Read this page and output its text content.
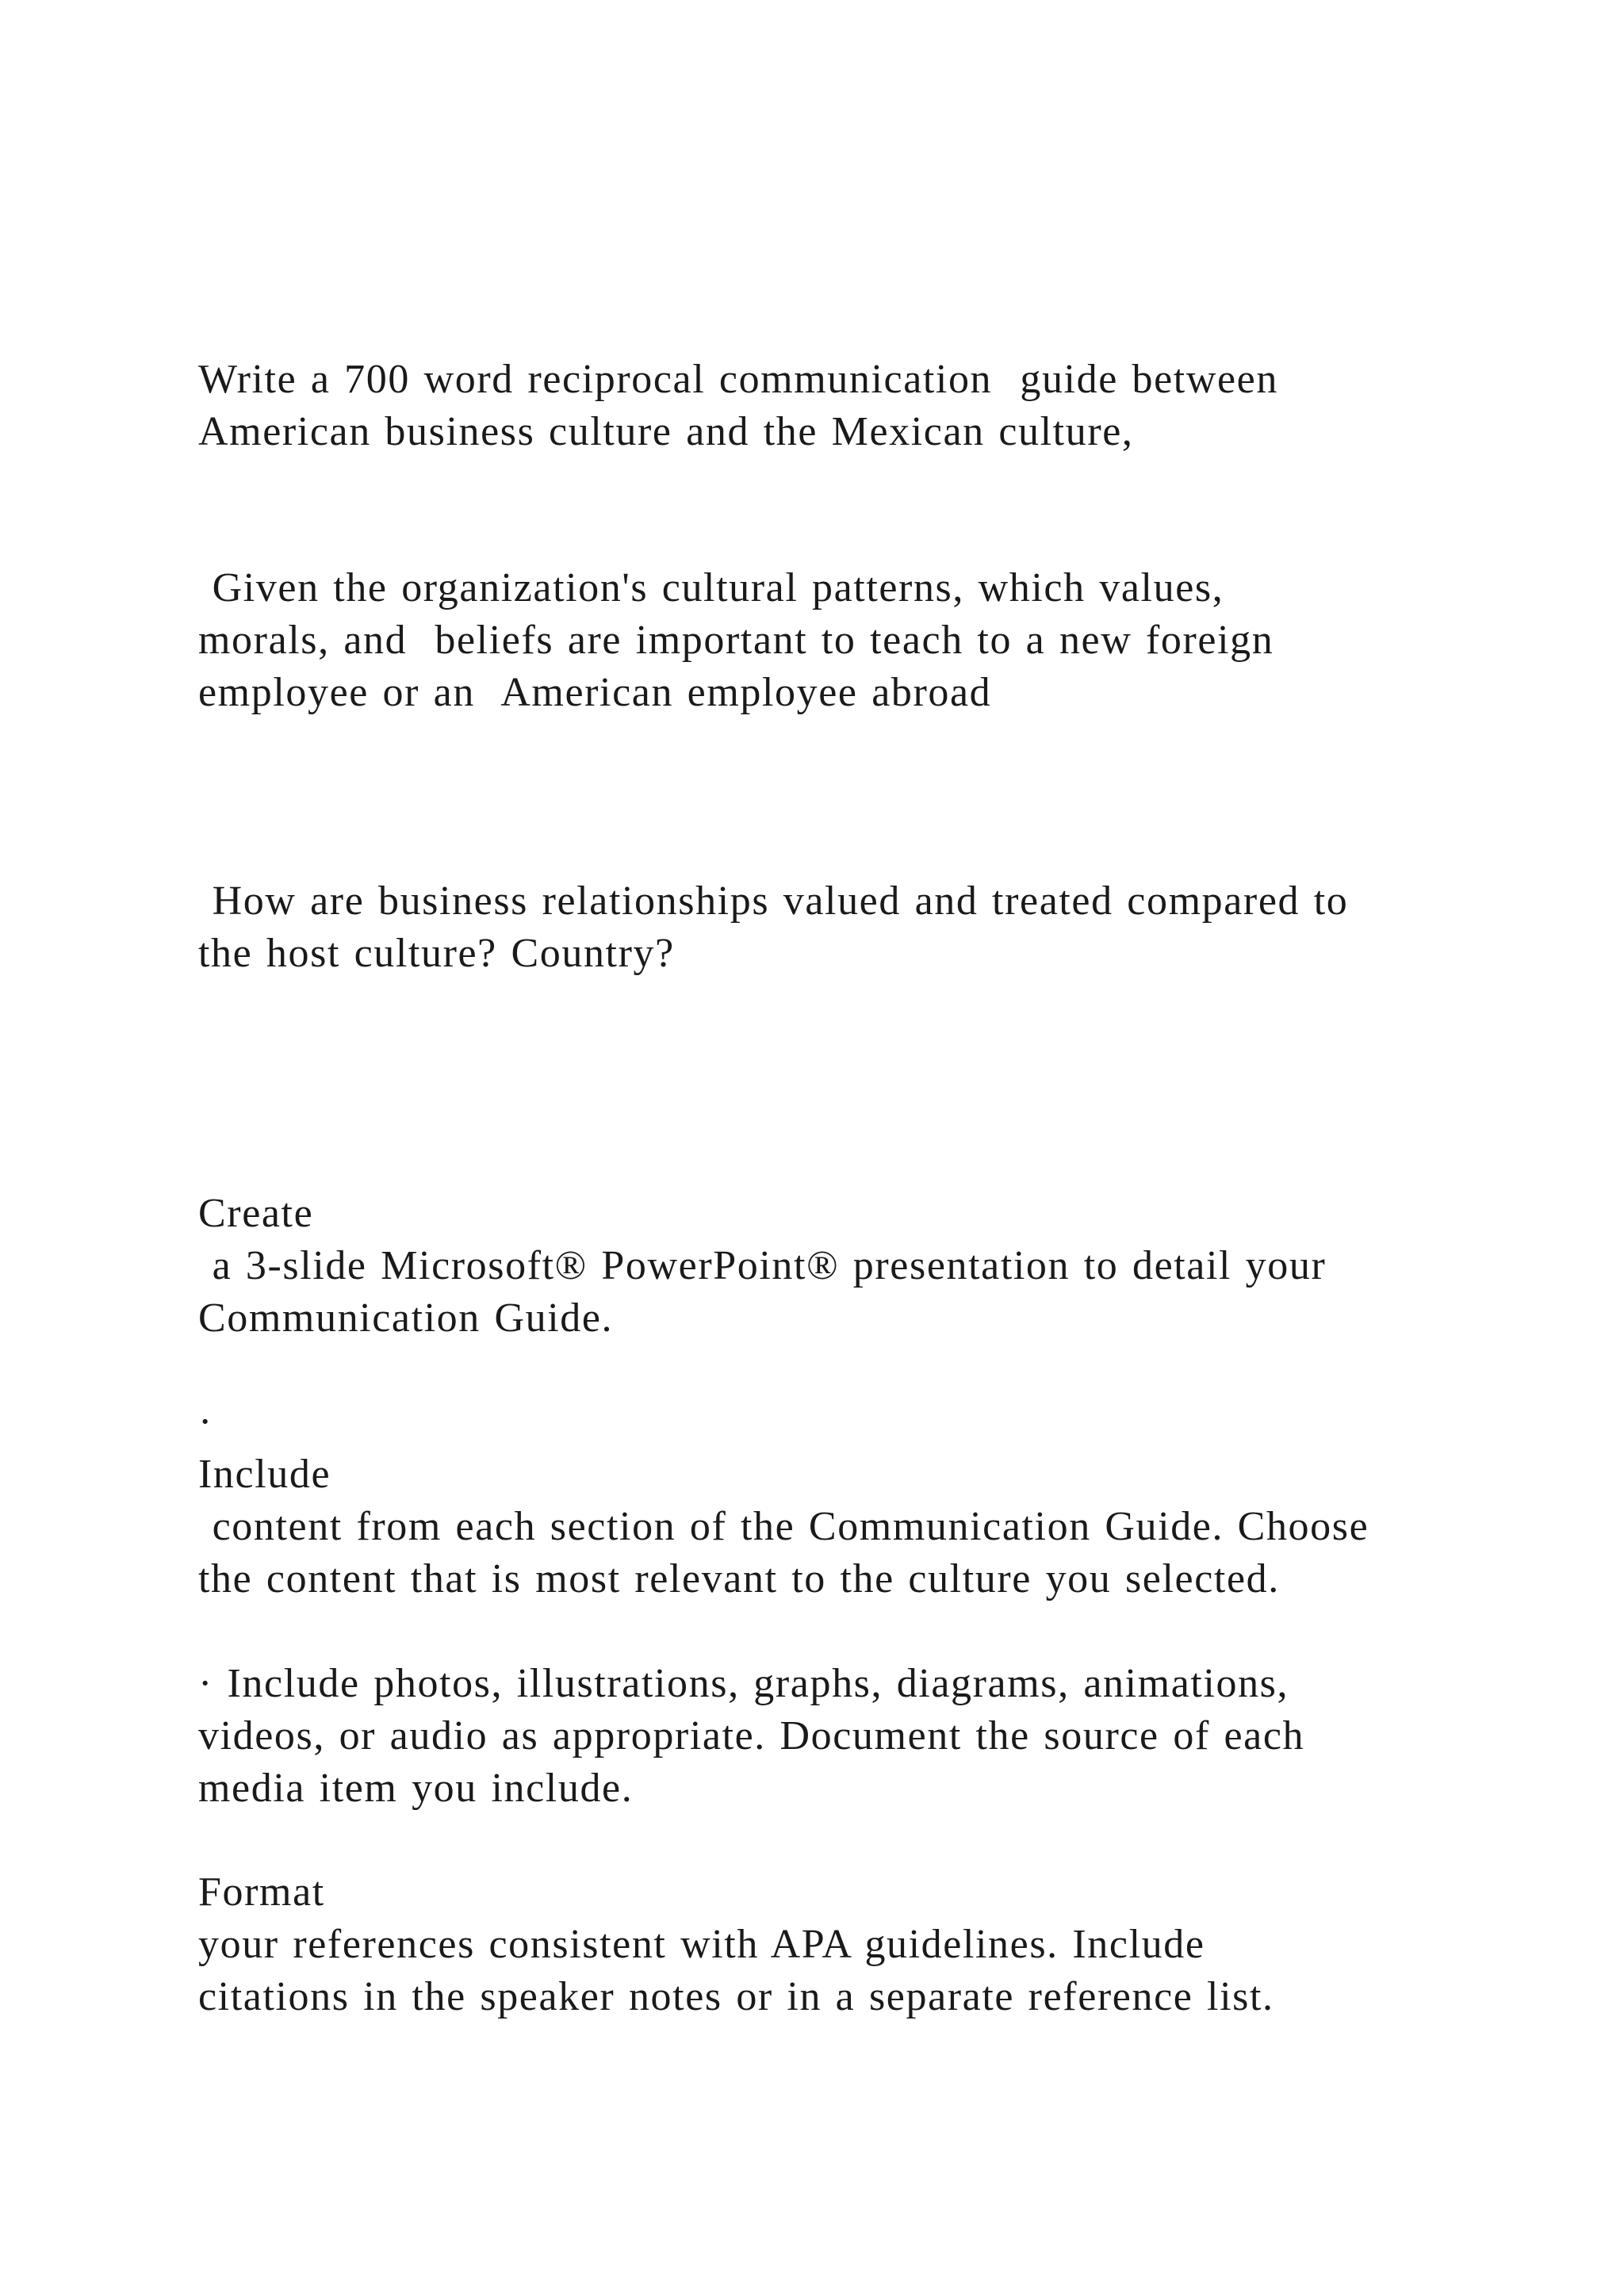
Write a 700 word reciprocal communication  guide between

American business culture and the Mexican culture,

Given the organization's cultural patterns, which values,

morals, and  beliefs are important to teach to a new foreign

employee or an  American employee abroad

How are business relationships valued and treated compared to

the host culture? Country?

Create

a 3-slide Microsoft® PowerPoint® presentation to detail your

Communication Guide.

·

Include

content from each section of the Communication Guide. Choose

the content that is most relevant to the culture you selected.

· Include photos, illustrations, graphs, diagrams, animations,

videos, or audio as appropriate. Document the source of each

media item you include.

Format

your references consistent with APA guidelines. Include

citations in the speaker notes or in a separate reference list.
